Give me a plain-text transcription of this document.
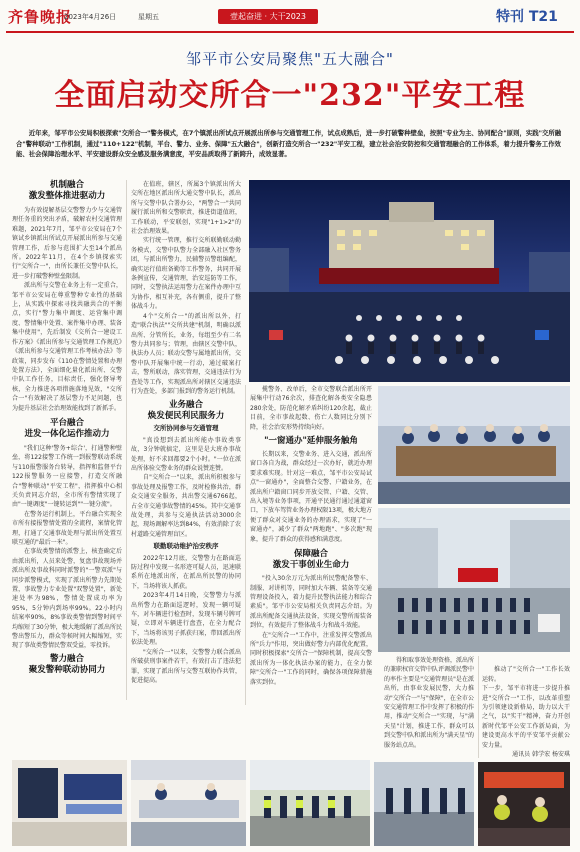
齐鲁晚报
2023年4月26日	星期五	壹起奋进 · 大干2023	特刊 T21
邹平市公安局聚焦"五大融合"
全面启动交所合一"232"平安工程
近年来，邹平市公安局积极探索"交所合一"警务模式，在7个镇派出所试点开展派出所参与交通管理工作，试点成熟后，进一步打破警种壁垒，按照"专业为主、协同配合"原则，实践"交所融合"警种联动"工作机制，通过"110+122"机制，平台、警力、业务、保障"五大融合"，创新打造交所合一"232"平安工程，建立社会治安防控和交通管理融合的工作体系，着力提升警务工作效能、社会保障治理水平、平安建设群众安全感及服务满意度，平安品质取得了新跨升，成效显著。
机制融合
激发整体推进驱动力

为有效提解基层交警警力少与交通管理任务重的突出矛盾，破解农村交通管理难题，2021年7月，邹平市公安局在7个镇试乡镇派出所试点开展派出所参与交通管理工作，后参与范围扩大至14个派出所。2022年11月，在4个乡镇探索实行"交所合一"，由所长兼任交警中队长，进一步打破警种壁垒限制。

派出所与交警在业务上有一定重合，邹平市公安局在尊重警种专业性的基础上，从实践中探索寻找共融共合的平衡点，实行"警力集中调度、运营集中调度、警情集中处置、案件集中办理、装备集中使用"，先后制发《交所合一建设工作方案》《派出所参与交通管理工作规范》《派出所参与交通管理工作考核办法》等政策，同步发布《110在警情处置和办理处置方法》，全面细化量化派出所、交警中队工作任务，目标责任，强化督导考核，全力推进各项措施落地见效，"交所合一"有效解决了基层警力不足问题，也为提升基层社会治理效能找到了新抓手。

平台融合
进发一体化运作推动力

"我们这种'警务+综合'，打通警种壁垒，将122接警工作统一到报警联动系统与110报警服务台转导，指挥和监督平台122报警服务一应接警，打造交所融合"警种联动"平安工程"，指挥推中心相关负责同志介绍，全市所有警情实现了由"一键调度"一键转运到""一键分流"。

在警务运行机制上，平台融合实现全市所有接报警情处置的全流程，案情化管理，打通了交通事故处理与派出所处置互联互通的"最后一米"。

在事故类警情的派警上，核查确定后由派出所，人员来处警，复盘事故现场并派出所及事故科同时派警的"一警双派"与同步派警模式，实现了派出所警力先期处置，事故警力专业处置"双警处置"，新处速处率为98%，警情处置成功率为95%，5分钟内到场率99%。22小时内结案率90%，8%事故类警情到警时间平均缩短了30分钟，极大地缓解了派出所民警出警压力，群众等候时间大幅缩短，实现了事故类警情民警双受益，零投诉。

警力融合
聚发警种联动协同力

在值班，辖区，所属3个镇派出所大交所在地区派出所大通交警中队长，派出所与交警中队合署办公，"两警合一"共同履行派出所和交警职责，推进街道值班，工作联动，平安联创，实现"1+1>2"的社会治理效果。

实行统一管理，推行交所联勤联动勤务模式，交警中队警力全部融入社区警务团，与派出所警力，民辅警员警组编配，确实运行值班备勤等工作警务，共同开展条例宣传，交通管理，治安巡防等工作，同时，交警执法运用警力在案件办理中互为协作，相互补充，各有侧重，提升了整体战斗力。

4个"交所合一"的派出所以外，打造"联合执法""交所共建"机制，明确以派出所、分管所长，业务，每组至少有二名警力共同参与；管理，由辖区交警中队，执法办人员；联动交警与属地派出所，交警中队开展集中统一行动，通过破案打击，警所联动，落实管理，交通违法行为查处等工作，实现派出所对辖区交通违法行为查处，多部门报到的警务运行机制。

业务融合
焕发便民利民服务力
交所协同参与交通管理

"真没想到去派出所能办事故类事故，3分钟就搞定，这里是是大班办事故处理，好不求回都要2个小时。"一位在派出所体验交警业务的群众说赞连赞。

自"交所合一"以来，派出所积极参与事故处理及报警工作，及时检修共治，群众交通安全服务，共出警交通6766起，占全市交通事故警情的45%。其中交通事故处理，共参与交通执法活动3000余起，现场调解率达到84%，有效消除了农村道路交通管理盲区。

联勤联动维护治安秩序

2022年12月底，交警警力在路面巡防过程中发现一名形迹可疑人员，迅速联系所在地派出所，在派出所民警的协同下，当场将该人抓获。

2023年4月14日晚，交警警力与派出所警力在路面巡逻时，发现一辆可疑车，对车辆进行检查时，发现车辆号牌可疑，立即对车辆进行盘查，在全力配合下，当场将该男子抓获归案，带回派出所依法处理。

"交所合一"以来，交警警力联合派出所破获刑事案件若干，有效打击了违法犯罪，实现了派出所与交警互联协作共管，促进提高。

揽警务、改单后，全市交警联合派出所开展集中行动76余次，排查化解各类安全隐患280余处，防范化解矛盾纠纷120余起，截止目前，全市事故起数、伤亡人数同比分别下降，社会治安形势持续向好。

"一窗通办"延伸服务触角

长期以来，交警业务、进入交通，派出所窗口各自为战，群众经过一次办好，就近办理要求难实现。针对这一难点，邹平市公安局试点"一窗通办"，全面整合交警、户籍业务，在派出所户籍窗口同步开放交管、户籍、交管、出入境等业务事项，开通平民通行通过通道窗口，下放车驾管业务办理权限13项，极大地方便了群众对交通业务的办理需求，实现了"一窗通办"，减少了群众"两地跑"、"多次跑"现象，提升了群众的获得感和满意度。

保障融合
激发干事创业生命力

"投入30余万元为派出所民警配备警车、制服、对讲机等，同时加大车辆、装备等交通管理设备投入，着力提升民警执法能力和综合素质"。邹平市公安局相关负责同志介绍。为派出所配备交通执法设备，实现交警所需装备到位，有效提升了整体战斗力和战斗效能。

在"交所合一"工作中，注重发挥交警派出所"兵力"作用，突出做好警力内部优化配置，同时积极探索"交所合一"保障机制，提高交警派出所为一体化执法办案的能力，在全力保障"交所合一"工作的同时，确保各项保障措施落实到位。

得和取事效处理资格，派出所的兼职权官交管中队评调派民警中的率作主要是"交通管理员"是在派出所，由事业发展民警，大力推动"交所合一"与"保障"，在全市公安交通管理工作中发挥了积极的作用，推动"交所合一"实现，与"满天星"计划，推进工作，群众可以到交警中队和派出所为"满天星"的服务站点出。

推动了"交所合一"工作长效运转。
下一步，邹平市将进一步提升推进"交所合一"工作，以改革重塑为引领建设新格局，助力以大干之气，以"实干"精神，奋力开创新时代邹平公安工作新局面，为建设更高水平的平安邹平贡献公安力量。

通讯员 韩学宏 杨安琪
